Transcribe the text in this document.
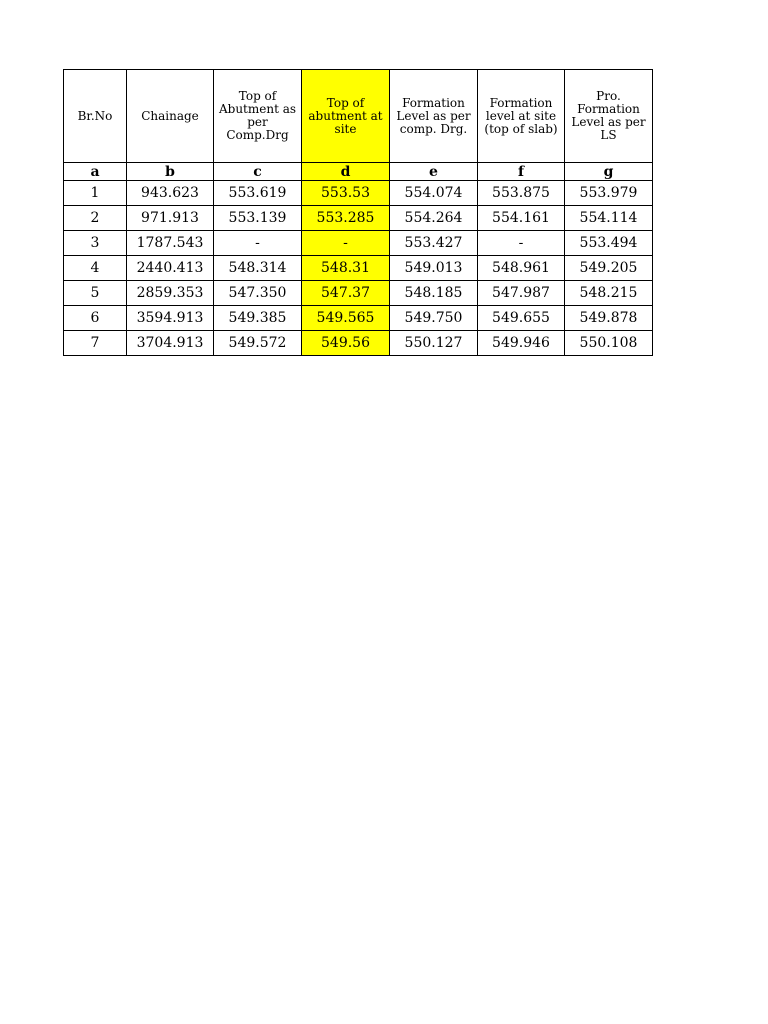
Br.No	Chainage	Top of Abutment as per Comp.Drg	Top of abutment at site	Formation Level as per comp. Drg.	Formation level at site (top of slab)	Pro. Formation Level as per LS
a	b	c	d	e	f	g
1	943.623	553.619	553.53	554.074	553.875	553.979
2	971.913	553.139	553.285	554.264	554.161	554.114
3	1787.543	-	-	553.427	-	553.494
4	2440.413	548.314	548.31	549.013	548.961	549.205
5	2859.353	547.350	547.37	548.185	547.987	548.215
6	3594.913	549.385	549.565	549.750	549.655	549.878
7	3704.913	549.572	549.56	550.127	549.946	550.108
